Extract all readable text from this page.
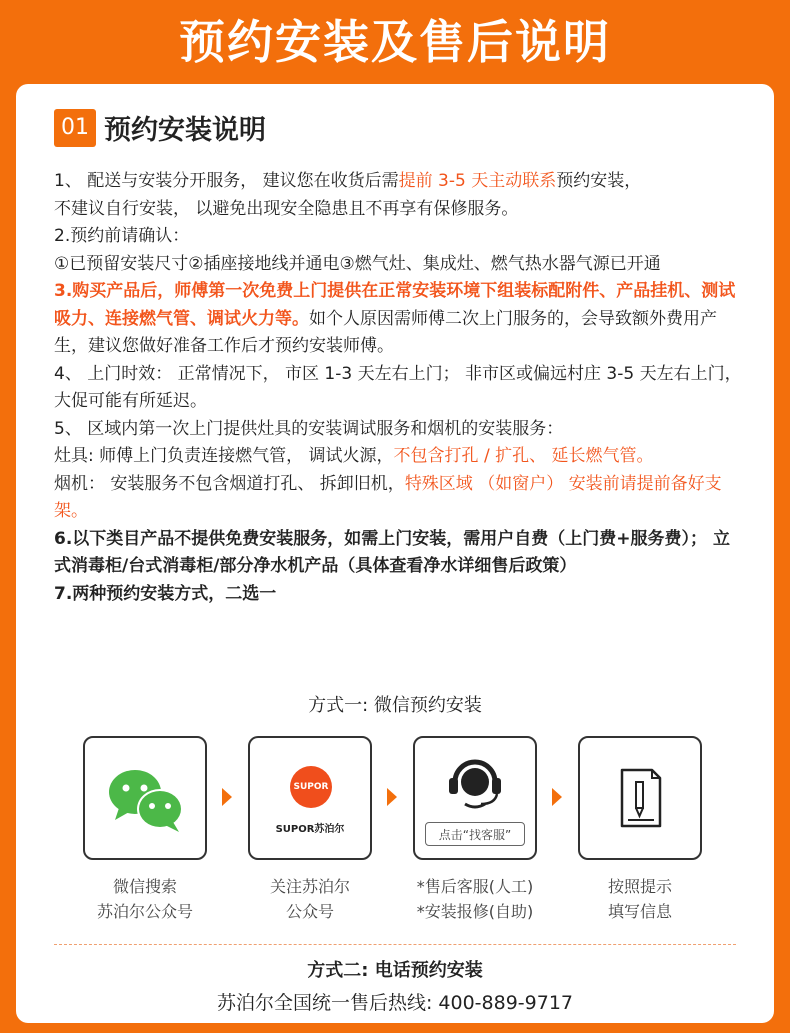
预约安装及售后说明
01 预约安装说明

1、 配送与安装分开服务， 建议您在收货后需提前 3-5 天主动联系预约安装，
不建议自行安装， 以避免出现安全隐患且不再享有保修服务。

2.预约前请确认：

①已预留安装尺寸②插座接地线并通电③燃气灶、集成灶、燃气热水器气源已开通

3.购买产品后，师傅第一次免费上门提供在正常安装环境下组装标配附件、产品挂机、测试吸力、连接燃气管、调试火力等。如个人原因需师傅二次上门服务的，会导致额外费用产生，建议您做好准备工作后才预约安装师傅。

4、 上门时效： 正常情况下， 市区 1-3 天左右上门； 非市区或偏远村庄 3-5 天左右上门， 大促可能有所延迟。

5、 区域内第一次上门提供灶具的安装调试服务和烟机的安装服务：

灶具: 师傅上门负责连接燃气管， 调试火源，不包含打孔 / 扩孔、 延长燃气管。

烟机： 安装服务不包含烟道打孔、 拆卸旧机，特殊区域 （如窗户） 安装前请提前备好支架。

6.以下类目产品不提供免费安装服务，如需上门安装，需用户自费（上门费+服务费）； 立式消毒柜/台式消毒柜/部分净水机产品（具体查看净水详细售后政策）

7.两种预约安装方式，二选一

方式一: 微信预约安装
SUPOR
SUPOR苏泊尔	点击“找客服”
微信搜索
苏泊尔公众号
关注苏泊尔
公众号
*售后客服(人工)
*安装报修(自助)
按照提示
填写信息
方式二: 电话预约安装
苏泊尔全国统一售后热线: 400-889-9717
